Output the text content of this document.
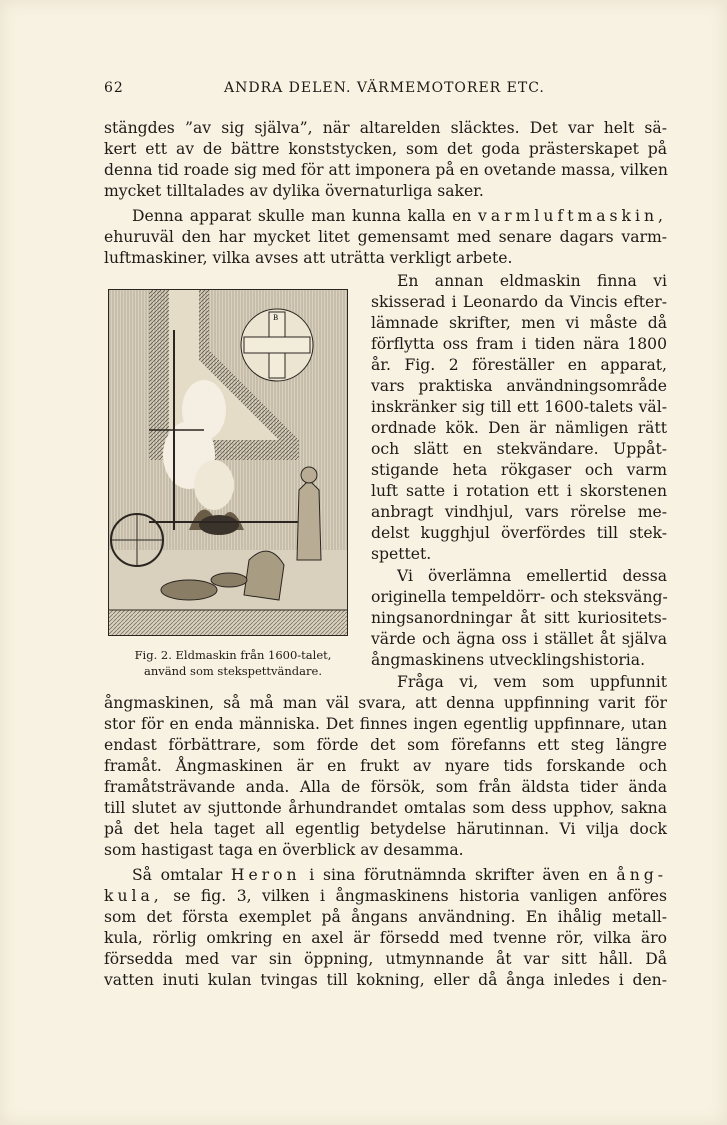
62	ANDRA DELEN. VÄRMEMOTORER ETC.
stängdes ”av sig själva”, när altarelden släcktes. Det var helt sä-
kert ett av de bättre konststycken, som det goda prästerskapet på
denna tid roade sig med för att imponera på en ovetande massa, vilken
mycket tilltalades av dylika övernaturliga saker.
Denna apparat skulle man kunna kalla en varmluftmaskin,
ehuruväl den har mycket litet gemensamt med senare dagars varm-
luftmaskiner, vilka avses att uträtta verkligt arbete.
En annan eldmaskin finna vi
skisserad i Leonardo da Vincis efter-
lämnade skrifter, men vi måste då
förflytta oss fram i tiden nära 1800
år. Fig. 2 föreställer en apparat,
vars praktiska användningsområde
inskränker sig till ett 1600-talets väl-
ordnade kök. Den är nämligen rätt
och slätt en stekvändare. Uppåt-
stigande heta rökgaser och varm
luft satte i rotation ett i skorstenen
anbragt vindhjul, vars rörelse me-
delst kugghjul överfördes till stek-
spettet.
Vi överlämna emellertid dessa
originella tempeldörr- och steksväng-
ningsanordningar åt sitt kuriositets-
värde och ägna oss i stället åt själva
ångmaskinens utvecklingshistoria.
Fråga vi, vem som uppfunnit
B
Fig. 2. Eldmaskin från 1600-talet,
använd som stekspettvändare.
ångmaskinen, så må man väl svara, att denna uppfinning varit för
stor för en enda människa. Det finnes ingen egentlig uppfinnare, utan
endast förbättrare, som förde det som förefanns ett steg längre
framåt. Ångmaskinen är en frukt av nyare tids forskande och
framåtsträvande anda. Alla de försök, som från äldsta tider ända
till slutet av sjuttonde århundrandet omtalas som dess upphov, sakna
på det hela taget all egentlig betydelse härutinnan. Vi vilja dock
som hastigast taga en överblick av desamma.
Så omtalar Heron i sina förutnämnda skrifter även en ång-
kula, se fig. 3, vilken i ångmaskinens historia vanligen anföres
som det första exemplet på ångans användning. En ihålig metall-
kula, rörlig omkring en axel är försedd med tvenne rör, vilka äro
försedda med var sin öppning, utmynnande åt var sitt håll. Då
vatten inuti kulan tvingas till kokning, eller då ånga inledes i den-
